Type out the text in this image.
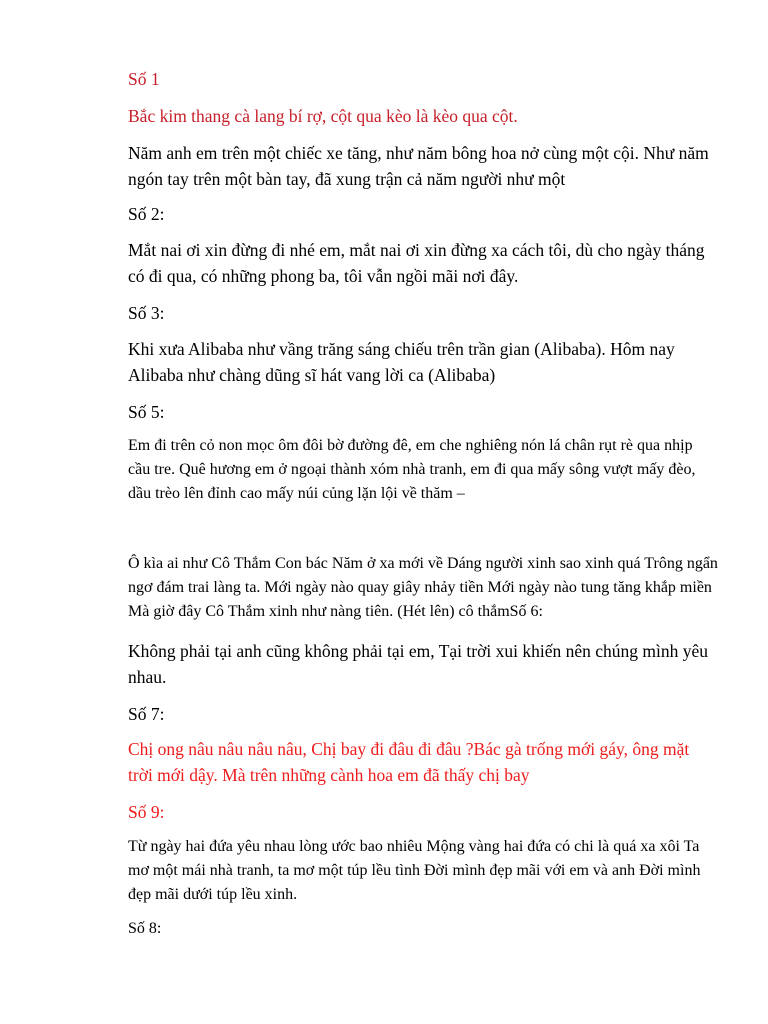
Số 1

Bắc kim thang cà lang bí rợ, cột qua kèo là kèo qua cột.

Năm anh em trên một chiếc xe tăng, như năm bông hoa nở cùng một cội. Như năm ngón tay trên một bàn tay, đã xung trận cả năm người như một

Số 2:

Mắt nai ơi xin đừng đi nhé em, mắt nai ơi xin đừng xa cách tôi, dù cho ngày tháng có đi qua, có những phong ba, tôi vẫn ngồi mãi nơi đây.

Số 3:

Khi xưa Alibaba như vầng trăng sáng chiếu trên trần gian (Alibaba). Hôm nay Alibaba như chàng dũng sĩ hát vang lời ca (Alibaba)

Số 5:

Em đi trên cỏ non mọc ôm đôi bờ đường đê, em che nghiêng nón lá chân rụt rè qua nhịp cầu tre. Quê hương em ở ngoại thành xóm nhà tranh, em đi qua mấy sông vượt mấy đèo, dầu trèo lên đỉnh cao mấy núi củng lặn lội về thăm –

Ô kìa ai như Cô Thắm Con bác Năm ở xa mới về Dáng người xinh sao xinh quá Trông ngẩn ngơ đám trai làng ta. Mới ngày nào quay giây nhảy tiền Mới ngày nào tung tăng khắp miền Mà giờ đây Cô Thắm xinh như nàng tiên. (Hét lên) cô thắmSố 6:

Không phải tại anh cũng không phải tại em, Tại trời xui khiến nên chúng mình yêu nhau.

Số 7:

Chị ong nâu nâu nâu nâu, Chị bay đi đâu đi đâu ?Bác gà trống mới gáy, ông mặt trời mới dậy. Mà trên những cành hoa em đã thấy chị bay

Số 9:

Từ ngày hai đứa yêu nhau lòng ước bao nhiêu Mộng vàng hai đứa có chi là quá xa xôi Ta mơ một mái nhà tranh, ta mơ một túp lều tình Đời mình đẹp mãi với em và anh Đời mình đẹp mãi dưới túp lều xinh.

Số 8:
